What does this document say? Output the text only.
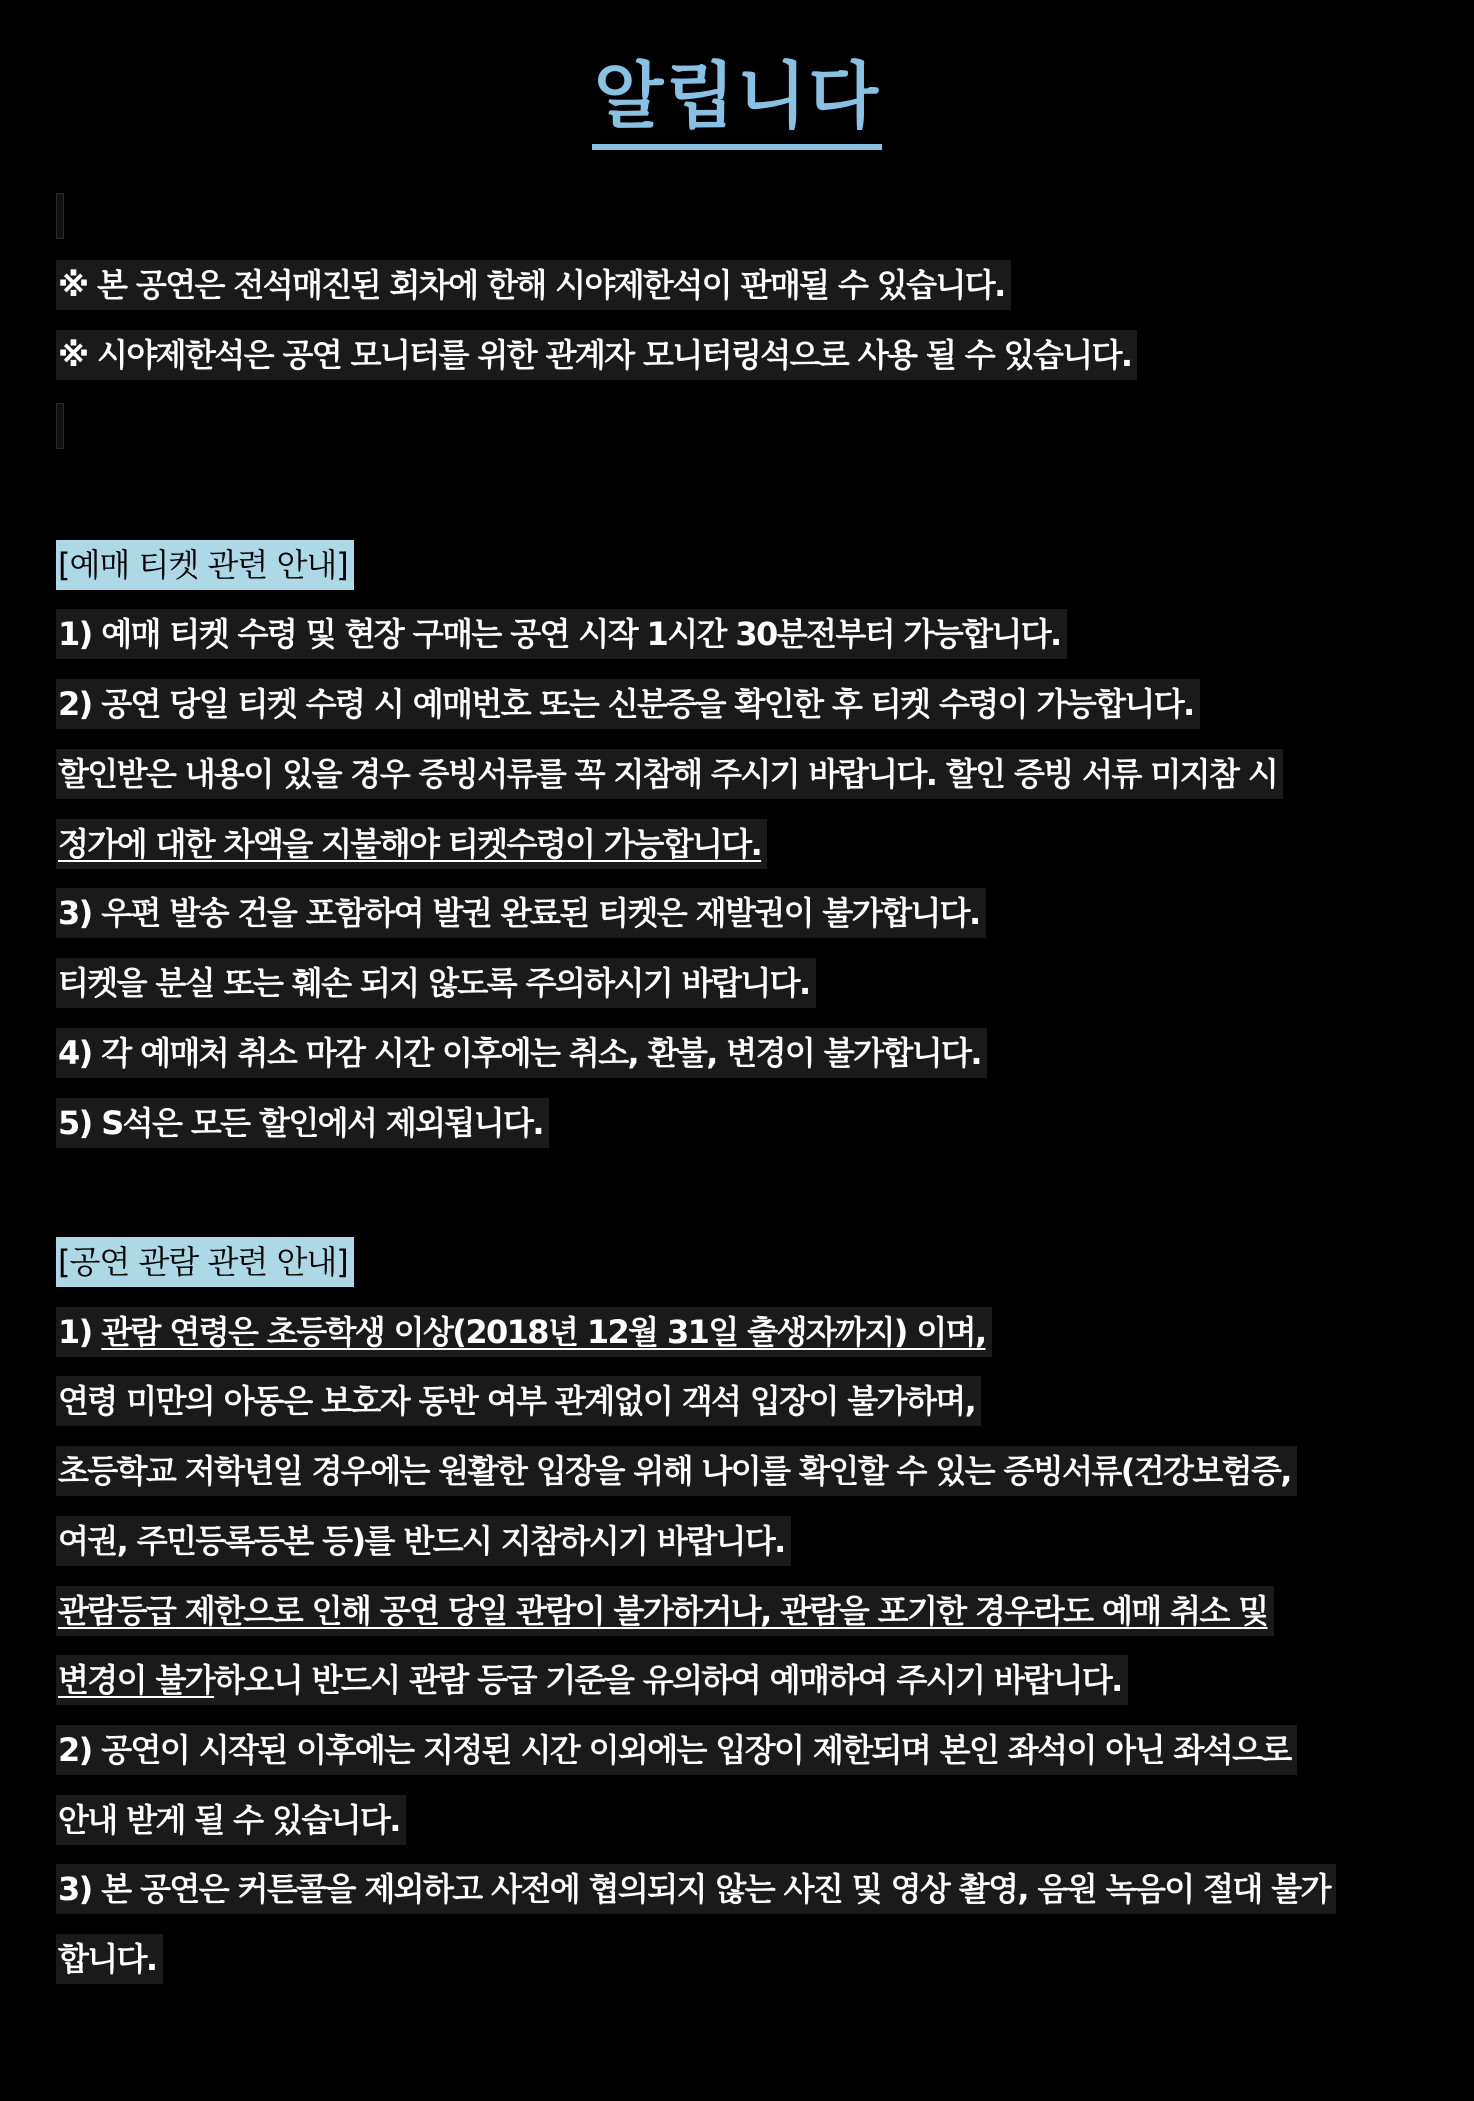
알립니다
※ 본 공연은 전석매진된 회차에 한해 시야제한석이 판매될 수 있습니다.
※ 시야제한석은 공연 모니터를 위한 관계자 모니터링석으로 사용 될 수 있습니다.
[예매 티켓 관련 안내]
1) 예매 티켓 수령 및 현장 구매는 공연 시작 1시간 30분전부터 가능합니다.
2) 공연 당일 티켓 수령 시 예매번호 또는 신분증을 확인한 후 티켓 수령이 가능합니다.
할인받은 내용이 있을 경우 증빙서류를 꼭 지참해 주시기 바랍니다. 할인 증빙 서류 미지참 시
정가에 대한 차액을 지불해야 티켓수령이 가능합니다.
3) 우편 발송 건을 포함하여 발권 완료된 티켓은 재발권이 불가합니다.
티켓을 분실 또는 훼손 되지 않도록 주의하시기 바랍니다.
4) 각 예매처 취소 마감 시간 이후에는 취소, 환불, 변경이 불가합니다.
5) S석은 모든 할인에서 제외됩니다.
[공연 관람 관련 안내]
1) 관람 연령은 초등학생 이상(2018년 12월 31일 출생자까지) 이며,
연령 미만의 아동은 보호자 동반 여부 관계없이 객석 입장이 불가하며,
초등학교 저학년일 경우에는 원활한 입장을 위해 나이를 확인할 수 있는 증빙서류(건강보험증,
여권, 주민등록등본 등)를 반드시 지참하시기 바랍니다.
관람등급 제한으로 인해 공연 당일 관람이 불가하거나, 관람을 포기한 경우라도 예매 취소 및
변경이 불가하오니 반드시 관람 등급 기준을 유의하여 예매하여 주시기 바랍니다.
2) 공연이 시작된 이후에는 지정된 시간 이외에는 입장이 제한되며 본인 좌석이 아닌 좌석으로
안내 받게 될 수 있습니다.
3) 본 공연은 커튼콜을 제외하고 사전에 협의되지 않는 사진 및 영상 촬영, 음원 녹음이 절대 불가
합니다.
